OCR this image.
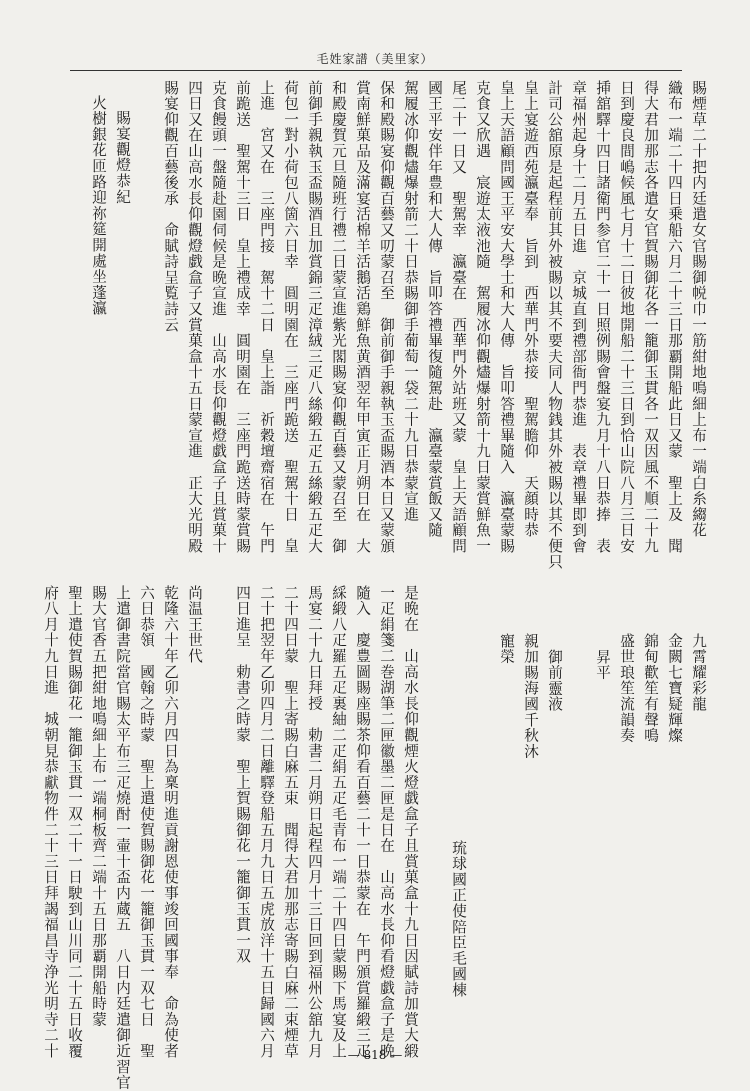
毛姓家譜（美里家）
賜煙草二十把内廷遣女官賜御帨巾一筋紺地鳴細上布一端白糸縐花
織布一端二十四日乗船六月二十三日那覇開船此日又蒙　聖上及　聞
得大君加那志各遣女官賀賜御花各一籠御玉貫各一双因風不順二十九
日到慶良間嶋候風七月十二日彼地開船二十三日到恰山院八月三日安
挿舘驛十四日諸衛門参官二十一日照例賜會盤宴九月十八日恭捧　表
章福州起身十二月五日進　京城直到禮部衙門恭進　表章禮畢即到會
計司公舘原是起程前其外被賜以其不要夫同人物銭其外被賜以其不便只
皇上宴遊西苑瀛臺奉　旨到　西華門外恭接　聖駕瞻仰　天顔時恭
皇上天語顧問國王平安大學士和大人傳　旨叩答禮畢隨入　瀛臺蒙賜
克食又欣遇　宸遊太液池隨　駕履冰仰觀燼爆射箭十九日蒙賞鮮魚一
尾二十一日又　聖駕幸　瀛臺在　西華門外站班又蒙　皇上天語顧問
國王平安伴年豊和大人傳　旨叩答禮畢復隨駕赴　瀛臺蒙賞飯又隨
駕履冰仰觀燼爆射箭二十日恭賜御手葡萄一袋二十九日恭蒙宣進
保和殿賜宴仰觀百藝又叨蒙召至　御前御手親執玉盃賜酒本日又蒙頒
賞南鮮菓品及滿宴活棉羊活鵝活鶏鮮魚黄酒翌年甲寅正月朔日在　大
和殿慶賀元旦隨班行禮二日蒙宣進紫光閣賜宴仰觀百藝又蒙召至　御
前御手親執玉盃賜酒且加賞錦三疋漳絨三疋八絲緞五疋五絲緞五疋大
荷包一對小荷包八箇六日幸　圓明園在　三座門跪送　聖駕十日　皇
上進　宮又在　三座門接　駕十二日　皇上詣　祈穀壇齋宿在　午門
前跪送　聖駕十三日　皇上禮成幸　圓明園在　三座門跪送時蒙賞賜
克食饅頭一盤隨赴園伺候是晩宣進　山高水長仰觀燈戯盒子且賞菓十
四日又在山高水長仰觀燈戯盒子又賞菓盒十五日蒙宣進　正大光明殿
賜宴仰觀百藝後承　命賦詩呈覧詩云
賜宴觀燈恭紀
火樹銀花匝路迎祢筵開處坐蓬瀛
九霄耀彩龍
金闕七寶疑輝燦
錦甸歡笙有聲鳴
盛世琅笙流韻奏
昇平
御前靈液
親加賜海國千秋沐
寵榮
琉球國正使陪臣毛國棟
是晩在　山高水長仰觀煙火燈戯盒子且賞菓盒十九日因賦詩加賞大緞
一疋絹箋二巻湖筆二匣徽墨二匣是日在　山高水長仰看燈戯盒子是晩
隨入　慶豊圖賜座賜茶仰看百藝二十一日恭蒙在　午門頒賞羅緞三疋
綵緞八疋羅五疋裏紬二疋絹五疋毛青布一端二十四日蒙賜下馬宴及上
馬宴二十九日拜授　勅書二月朔日起程四月十三日回到福州公舘九月
二十四日蒙　聖上寄賜白麻五束　聞得大君加那志寄賜白麻二束煙草
二十把翌年乙卯四月二日離驛登船五月九日五虎放洋十五日歸國六月
四日進呈　勅書之時蒙　聖上賀賜御花一籠御玉貫一双
尚温王世代
乾隆六十年乙卯六月四日為稟明進貢謝恩使事竣回國事奉　命為使者
六日恭領　國翰之時蒙　聖上遣使賀賜御花一籠御玉貫一双七日　聖
上遣御書院當官賜太平布三疋燒酎一壷十盃内蔵五　八日内廷遣御近習官
賜大官香五把紺地鳴細上布一端桐板齊二端十五日那覇開船時蒙
聖上遣使賀賜御花一籠御玉貫一双二十一日駛到山川同二十五日收覆
府八月十九日進　城朝見恭獻物件二十三日拜謁福昌寺浄光明寺二十	— 818 —
